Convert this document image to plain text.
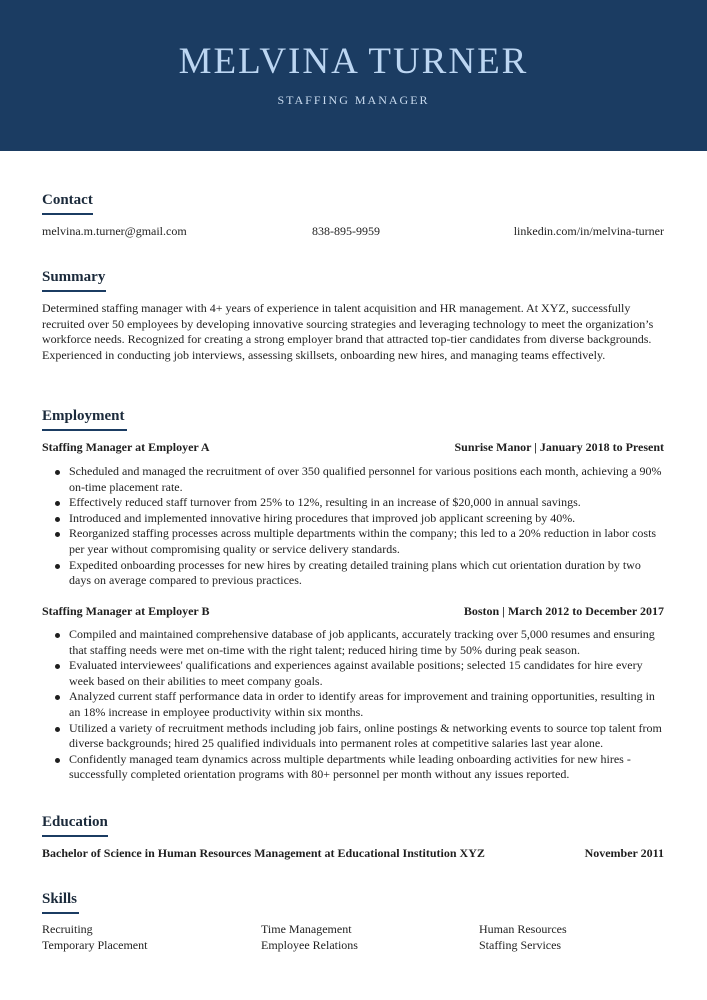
MELVINA TURNER
STAFFING MANAGER
Contact
melvina.m.turner@gmail.com	838-895-9959	linkedin.com/in/melvina-turner
Summary
Determined staffing manager with 4+ years of experience in talent acquisition and HR management. At XYZ, successfully recruited over 50 employees by developing innovative sourcing strategies and leveraging technology to meet the organization’s workforce needs. Recognized for creating a strong employer brand that attracted top-tier candidates from diverse backgrounds. Experienced in conducting job interviews, assessing skillsets, onboarding new hires, and managing teams effectively.
Employment
Staffing Manager at Employer A	Sunrise Manor | January 2018 to Present
Scheduled and managed the recruitment of over 350 qualified personnel for various positions each month, achieving a 90% on-time placement rate.
Effectively reduced staff turnover from 25% to 12%, resulting in an increase of $20,000 in annual savings.
Introduced and implemented innovative hiring procedures that improved job applicant screening by 40%.
Reorganized staffing processes across multiple departments within the company; this led to a 20% reduction in labor costs per year without compromising quality or service delivery standards.
Expedited onboarding processes for new hires by creating detailed training plans which cut orientation duration by two days on average compared to previous practices.
Staffing Manager at Employer B	Boston | March 2012 to December 2017
Compiled and maintained comprehensive database of job applicants, accurately tracking over 5,000 resumes and ensuring that staffing needs were met on-time with the right talent; reduced hiring time by 50% during peak season.
Evaluated interviewees' qualifications and experiences against available positions; selected 15 candidates for hire every week based on their abilities to meet company goals.
Analyzed current staff performance data in order to identify areas for improvement and training opportunities, resulting in an 18% increase in employee productivity within six months.
Utilized a variety of recruitment methods including job fairs, online postings & networking events to source top talent from diverse backgrounds; hired 25 qualified individuals into permanent roles at competitive salaries last year alone.
Confidently managed team dynamics across multiple departments while leading onboarding activities for new hires - successfully completed orientation programs with 80+ personnel per month without any issues reported.
Education
Bachelor of Science in Human Resources Management at Educational Institution XYZ	November 2011
Skills
Recruiting	Time Management	Human Resources
Temporary Placement	Employee Relations	Staffing Services
